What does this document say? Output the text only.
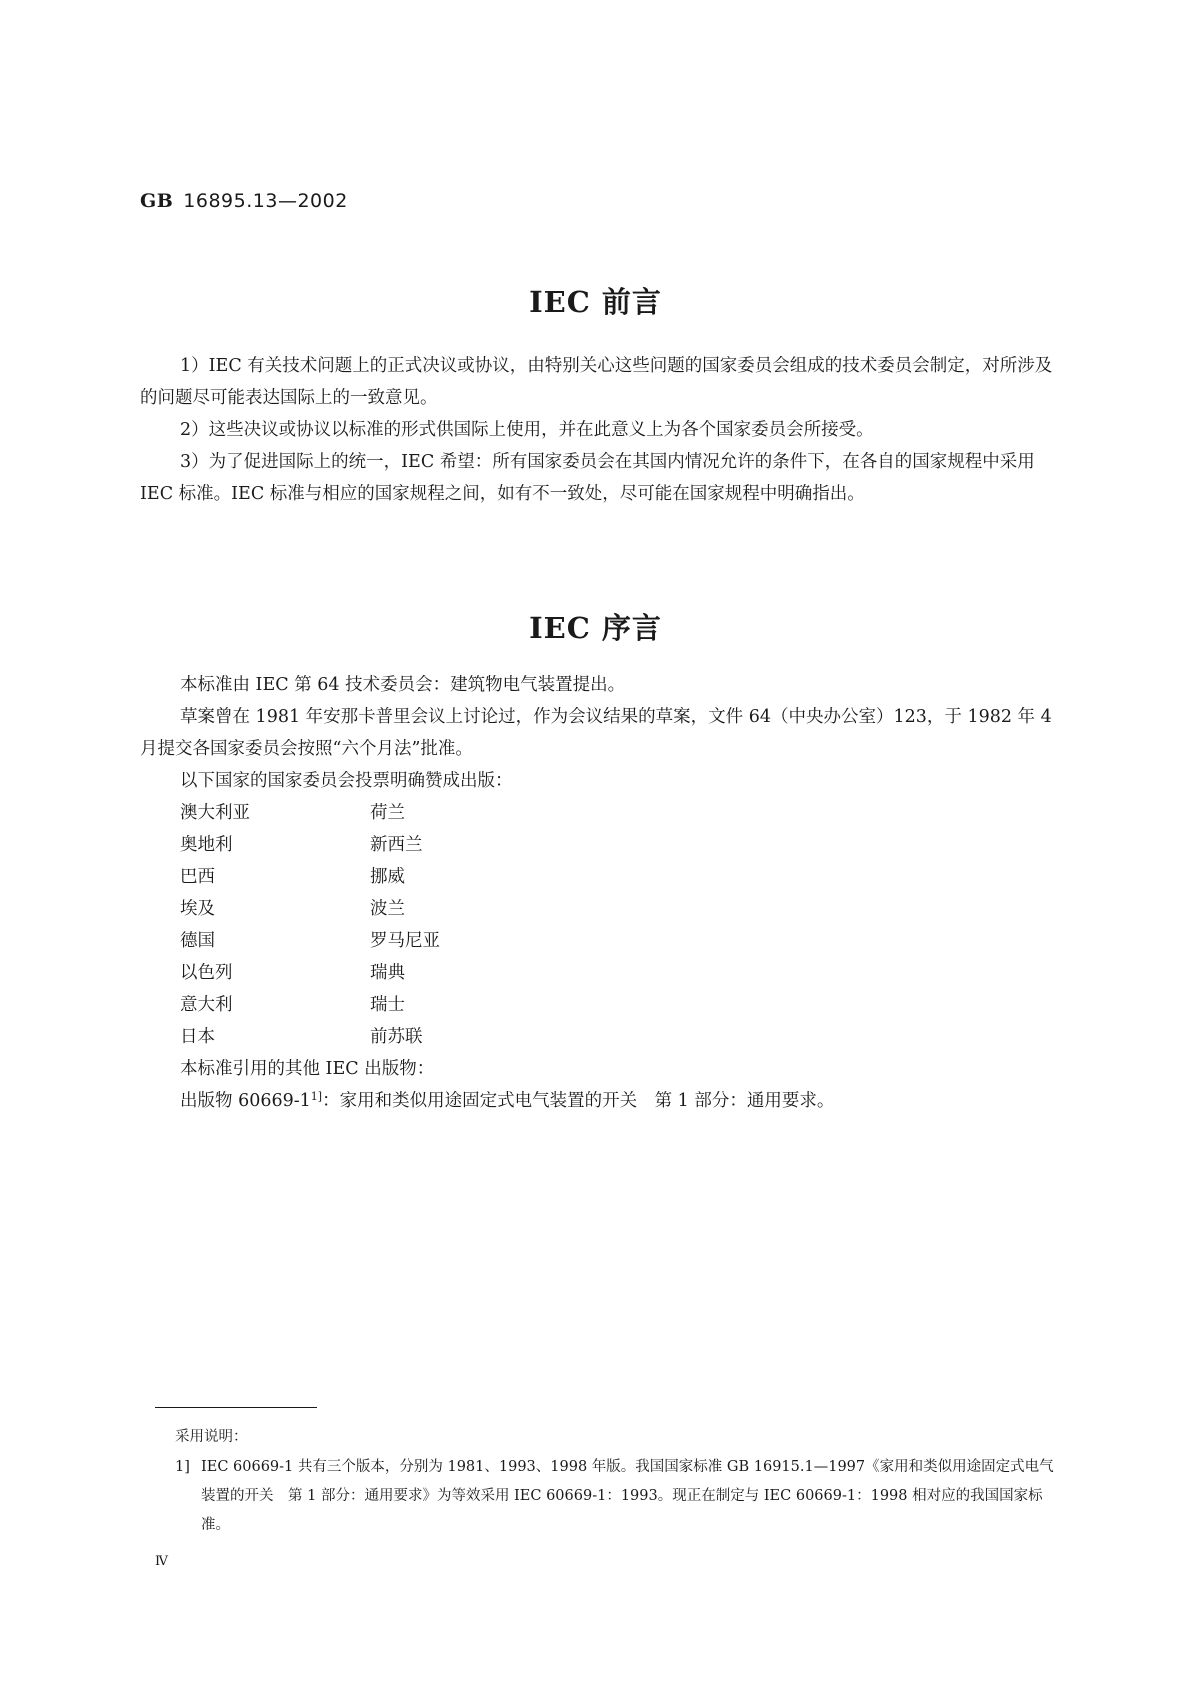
GB 16895.13—2002
IEC 前言

1）IEC 有关技术问题上的正式决议或协议，由特别关心这些问题的国家委员会组成的技术委员会制定，对所涉及的问题尽可能表达国际上的一致意见。

2）这些决议或协议以标准的形式供国际上使用，并在此意义上为各个国家委员会所接受。

3）为了促进国际上的统一，IEC 希望：所有国家委员会在其国内情况允许的条件下，在各自的国家规程中采用 IEC 标准。IEC 标准与相应的国家规程之间，如有不一致处，尽可能在国家规程中明确指出。

IEC 序言

本标准由 IEC 第 64 技术委员会：建筑物电气装置提出。

草案曾在 1981 年安那卡普里会议上讨论过，作为会议结果的草案，文件 64（中央办公室）123，于 1982 年 4 月提交各国家委员会按照“六个月法”批准。

以下国家的国家委员会投票明确赞成出版：

澳大利亚	荷兰
奥地利	新西兰
巴西	挪威
埃及	波兰
德国	罗马尼亚
以色列	瑞典
意大利	瑞士
日本	前苏联

本标准引用的其他 IEC 出版物：

出版物 $60669-1^{1]}$：家用和类似用途固定式电气装置的开关　第 1 部分：通用要求。

采用说明：
1] IEC 60669-1 共有三个版本，分别为 1981、1993、1998 年版。我国国家标准 GB 16915.1—1997《家用和类似用途固定式电气装置的开关　第 1 部分：通用要求》为等效采用 IEC 60669-1：1993。现正在制定与 IEC 60669-1：1998 相对应的我国国家标准。
Ⅳ
